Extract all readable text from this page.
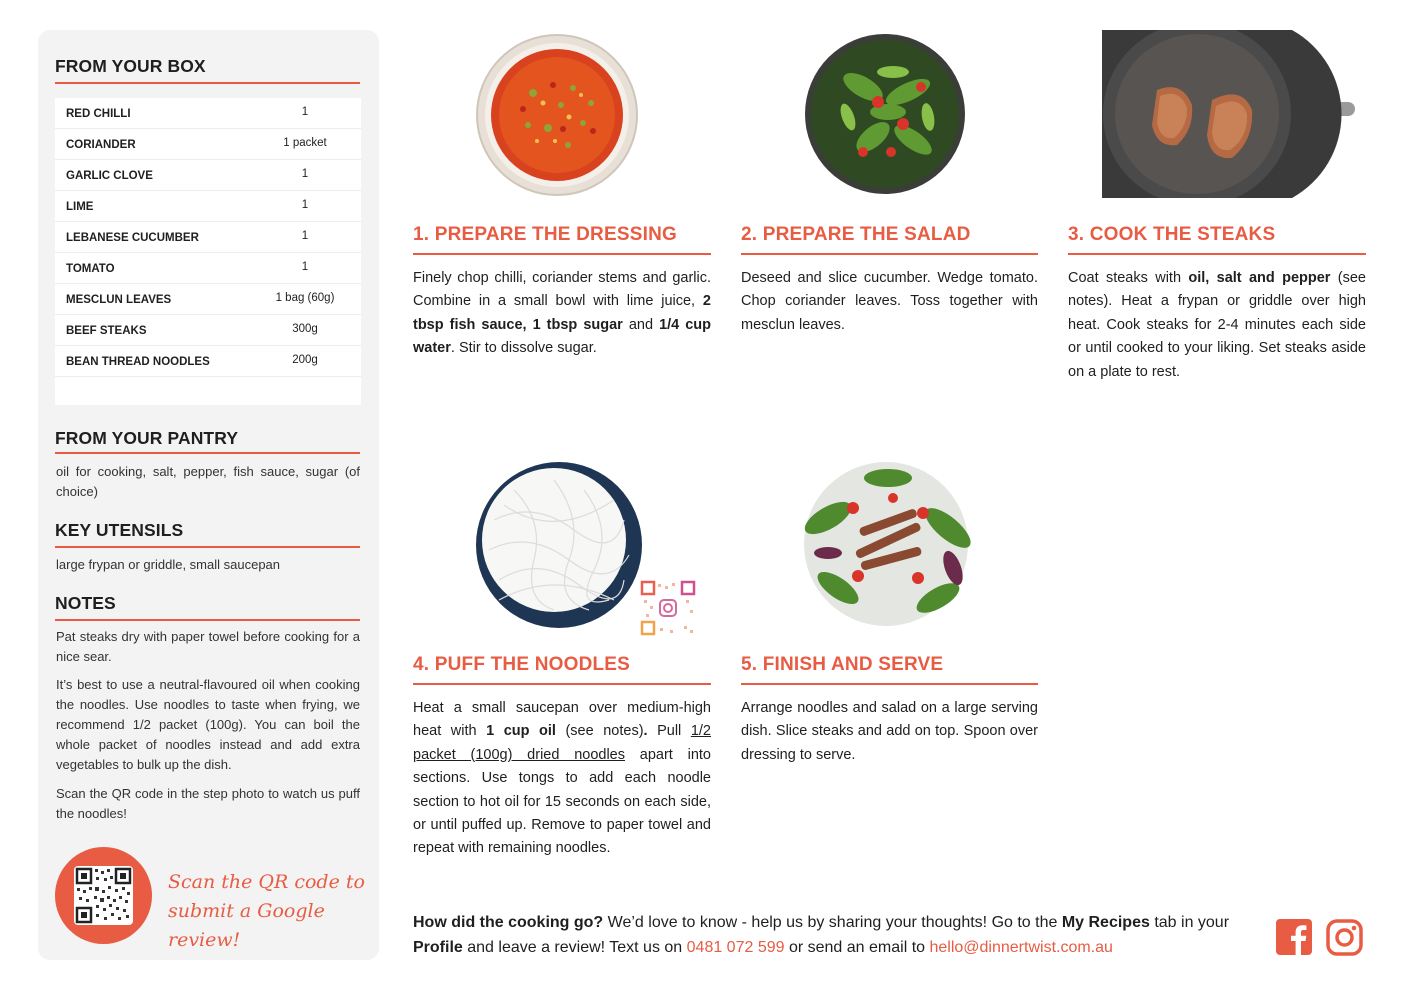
FROM YOUR BOX
RED CHILLI	1
CORIANDER	1 packet
GARLIC CLOVE	1
LIME	1
LEBANESE CUCUMBER	1
TOMATO	1
MESCLUN LEAVES	1 bag (60g)
BEEF STEAKS	300g
BEAN THREAD NOODLES	200g
FROM YOUR PANTRY
oil for cooking, salt, pepper, fish sauce, sugar (of choice)
KEY UTENSILS
large frypan or griddle, small saucepan
NOTES
Pat steaks dry with paper towel before cooking for a nice sear.
It’s best to use a neutral-flavoured oil when cooking the noodles. Use noodles to taste when frying, we recommend 1/2 packet (100g). You can boil the whole packet of noodles instead and add extra vegetables to bulk up the dish.
Scan the QR code in the step photo to watch us puff the noodles!
Scan the QR code to
submit a Google review!
1. PREPARE THE DRESSING
Finely chop chilli, coriander stems and garlic. Combine in a small bowl with lime juice, 2 tbsp fish sauce, 1 tbsp sugar and 1/4 cup water. Stir to dissolve sugar.
2. PREPARE THE SALAD
Deseed and slice cucumber. Wedge tomato. Chop coriander leaves. Toss together with mesclun leaves.
3. COOK THE STEAKS
Coat steaks with oil, salt and pepper (see notes). Heat a frypan or griddle over high heat. Cook steaks for 2-4 minutes each side or until cooked to your liking. Set steaks aside on a plate to rest.
4. PUFF THE NOODLES
Heat a small saucepan over medium-high heat with 1 cup oil (see notes). Pull 1/2 packet (100g) dried noodles apart into sections. Use tongs to add each noodle section to hot oil for 15 seconds on each side, or until puffed up. Remove to paper towel and repeat with remaining noodles.
5. FINISH AND SERVE
Arrange noodles and salad on a large serving dish. Slice steaks and add on top. Spoon over dressing to serve.
How did the cooking go? We’d love to know - help us by sharing your thoughts! Go to the My Recipes tab in your Profile and leave a review! Text us on 0481 072 599 or send an email to hello@dinnertwist.com.au
